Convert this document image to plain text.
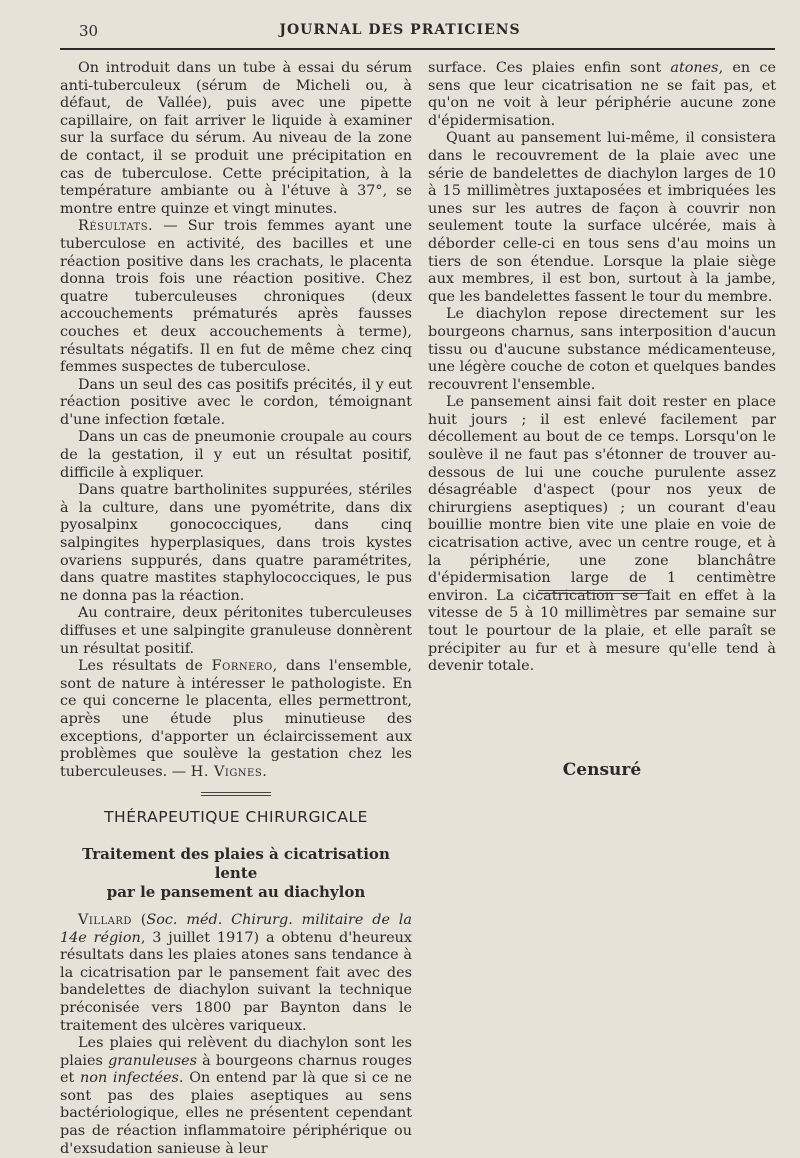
30	JOURNAL DES PRATICIENS

On introduit dans un tube à essai du sérum anti-tuberculeux (sérum de Micheli ou, à défaut, de Vallée), puis avec une pipette capillaire, on fait arriver le liquide à examiner sur la surface du sérum. Au niveau de la zone de contact, il se produit une précipitation en cas de tuberculose. Cette précipitation, à la température ambiante ou à l'étuve à 37°, se montre entre quinze et vingt minutes.

Résultats. — Sur trois femmes ayant une tuberculose en activité, des bacilles et une réaction positive dans les crachats, le placenta donna trois fois une réaction positive. Chez quatre tuberculeuses chroniques (deux accouchements prématurés après fausses couches et deux accouchements à terme), résultats négatifs. Il en fut de même chez cinq femmes suspectes de tuberculose.

Dans un seul des cas positifs précités, il y eut réaction positive avec le cordon, témoignant d'une infection fœtale.

Dans un cas de pneumonie croupale au cours de la gestation, il y eut un résultat positif, difficile à expliquer.

Dans quatre bartholinites suppurées, stériles à la culture, dans une pyométrite, dans dix pyosalpinx gonococciques, dans cinq salpingites hyperplasiques, dans trois kystes ovariens suppurés, dans quatre paramétrites, dans quatre mastites staphylococciques, le pus ne donna pas la réaction.

Au contraire, deux péritonites tuberculeuses diffuses et une salpingite granuleuse donnèrent un résultat positif.

Les résultats de Fornero, dans l'ensemble, sont de nature à intéresser le pathologiste. En ce qui concerne le placenta, elles permettront, après une étude plus minutieuse des exceptions, d'apporter un éclaircissement aux problèmes que soulève la gestation chez les tuberculeuses. — H. Vignes.

THÉRAPEUTIQUE CHIRURGICALE
Traitement des plaies à cicatrisation lente
par le pansement au diachylon

Villard (Soc. méd. Chirurg. militaire de la 14e région, 3 juillet 1917) a obtenu d'heureux résultats dans les plaies atones sans tendance à la cicatrisation par le pansement fait avec des bandelettes de diachylon suivant la technique préconisée vers 1800 par Baynton dans le traitement des ulcères variqueux.

Les plaies qui relèvent du diachylon sont les plaies granuleuses à bourgeons charnus rouges et non infectées. On entend par là que si ce ne sont pas des plaies aseptiques au sens bactériologique, elles ne présentent cependant pas de réaction inflammatoire périphérique ou d'exsudation sanieuse à leur

surface. Ces plaies enfin sont atones, en ce sens que leur cicatrisation ne se fait pas, et qu'on ne voit à leur périphérie aucune zone d'épidermisation.

Quant au pansement lui-même, il consistera dans le recouvrement de la plaie avec une série de bandelettes de diachylon larges de 10 à 15 millimètres juxtaposées et imbriquées les unes sur les autres de façon à couvrir non seulement toute la surface ulcérée, mais à déborder celle-ci en tous sens d'au moins un tiers de son étendue. Lorsque la plaie siège aux membres, il est bon, surtout à la jambe, que les bandelettes fassent le tour du membre.

Le diachylon repose directement sur les bourgeons charnus, sans interposition d'aucun tissu ou d'aucune substance médicamenteuse, une légère couche de coton et quelques bandes recouvrent l'ensemble.

Le pansement ainsi fait doit rester en place huit jours ; il est enlevé facilement par décollement au bout de ce temps. Lorsqu'on le soulève il ne faut pas s'étonner de trouver au-dessous de lui une couche purulente assez désagréable d'aspect (pour nos yeux de chirurgiens aseptiques) ; un courant d'eau bouillie montre bien vite une plaie en voie de cicatrisation active, avec un centre rouge, et à la périphérie, une zone blanchâtre d'épidermisation large de 1 centimètre environ. La cicatrication se fait en effet à la vitesse de 5 à 10 millimètres par semaine sur tout le pourtour de la plaie, et elle paraît se précipiter au fur et à mesure qu'elle tend à devenir totale.

Censuré
